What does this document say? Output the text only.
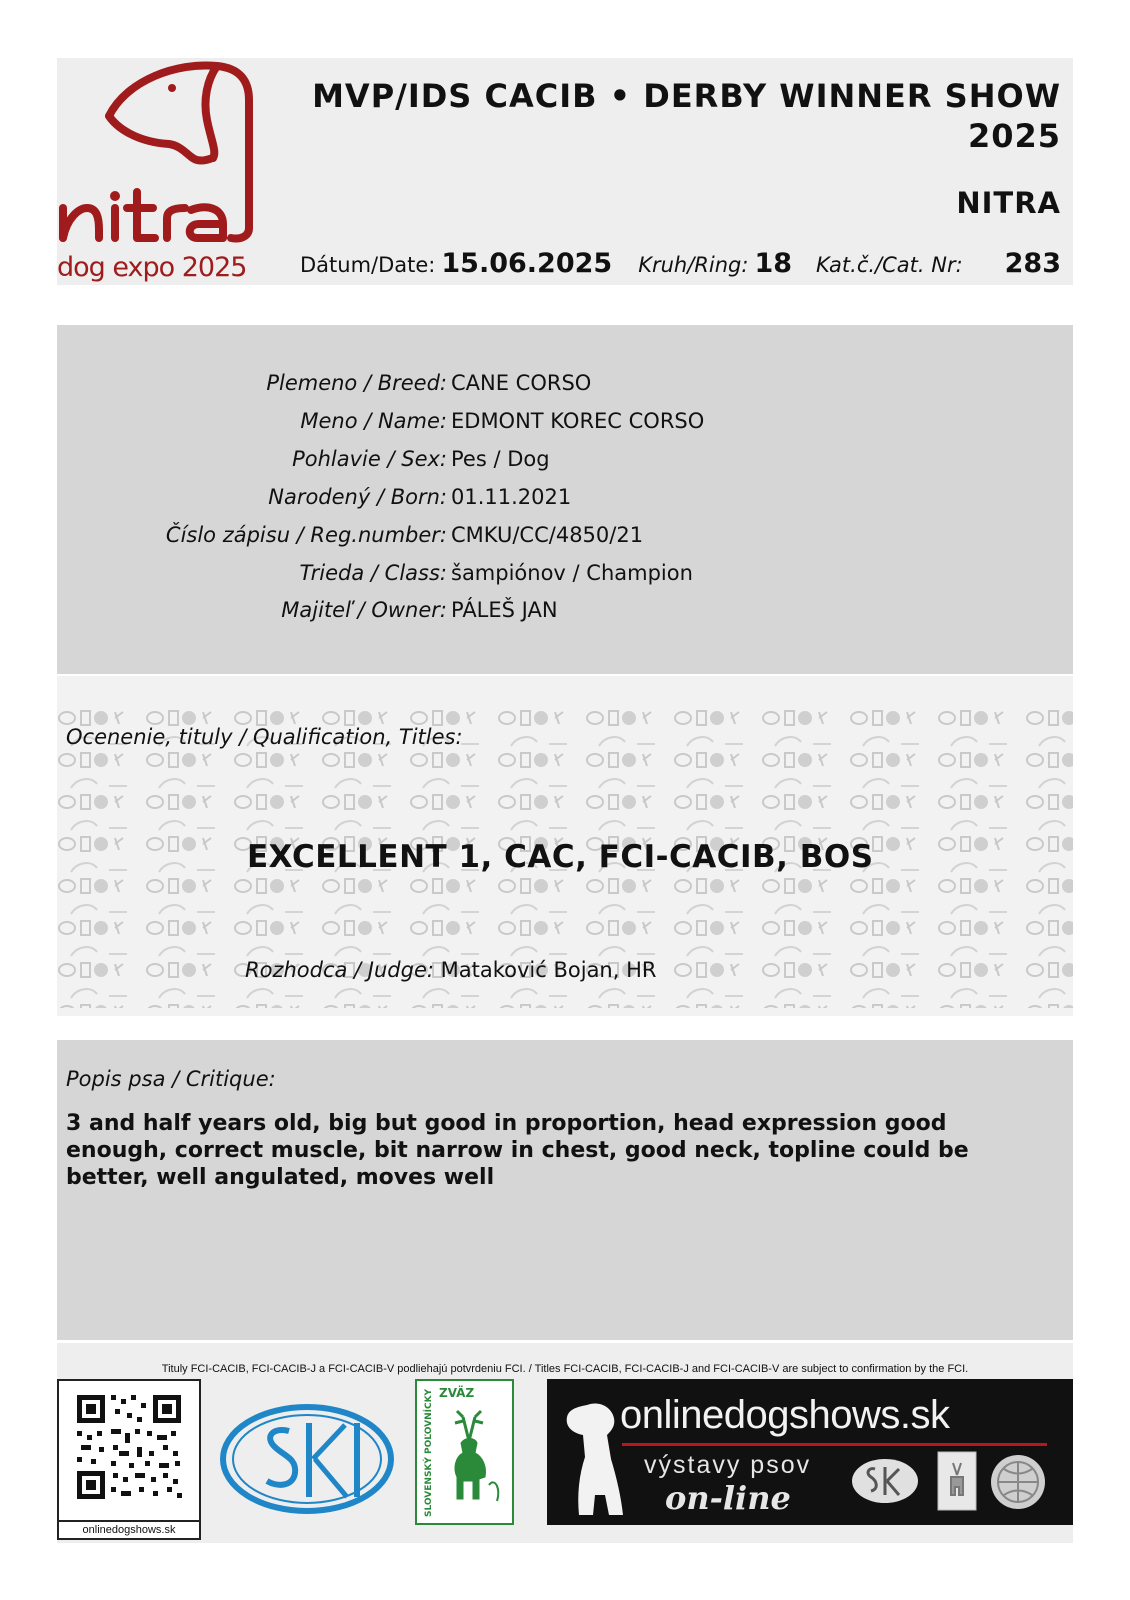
dog expo 2025
MVP/IDS CACIB • DERBY WINNER SHOW 2025
NITRA
Dátum/Date: 15.06.2025 Kruh/Ring: 18 Kat.č./Cat. Nr: 283
Plemeno / Breed: CANE CORSO
Meno / Name: EDMONT KOREC CORSO
Pohlavie / Sex: Pes / Dog
Narodený / Born: 01.11.2021
Číslo zápisu / Reg.number: CMKU/CC/4850/21
Trieda / Class: šampiónov / Champion
Majiteľ / Owner: PÁLEŠ JAN
Ocenenie, tituly / Qualification, Titles:
EXCELLENT 1, CAC, FCI-CACIB, BOS
Rozhodca / Judge: Mataković Bojan, HR
Popis psa / Critique:
3 and half years old, big but good in proportion, head expression good enough, correct muscle, bit narrow in chest, good neck, topline could be better, well angulated, moves well
Tituly FCI-CACIB, FCI-CACIB-J a FCI-CACIB-V podliehajú potvrdeniu FCI. / Titles FCI-CACIB, FCI-CACIB-J and FCI-CACIB-V are subject to confirmation by the FCI.
onlinedogshows.sk
ZVÄZ
SLOVENSKÝ POĽOVNÍCKY	onlinedogshows.sk
výstavy psov
on-line
